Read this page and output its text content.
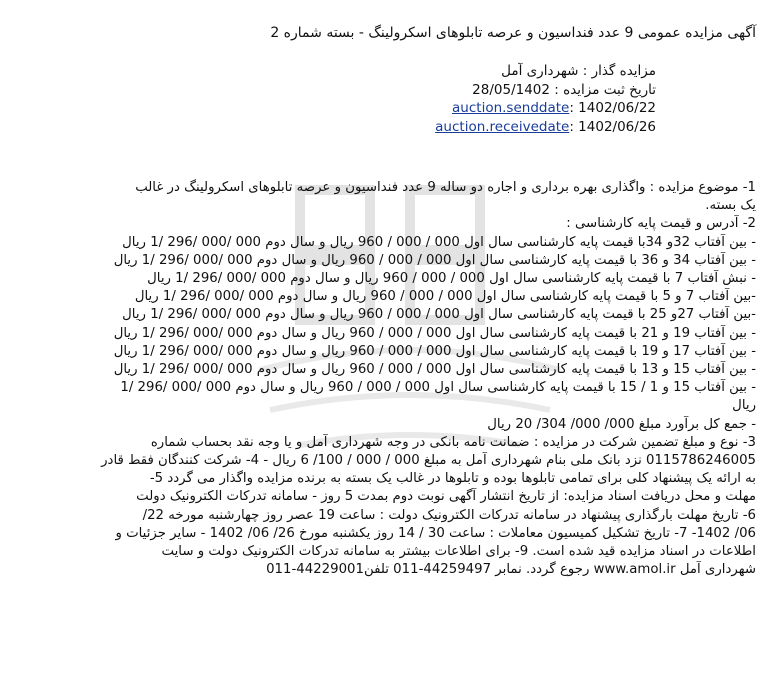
آگهی مزایده عمومی 9 عدد فنداسیون و عرصه تابلوهای اسکرولینگ - بسته شماره 2
مزایده گذار : شهرداری آمل
تاریخ ثبت مزایده : 28/05/1402
auction.senddate: 1402/06/22
auction.receivedate: 1402/06/26
1- موضوع مزایده : واگذاری بهره برداری و اجاره دو ساله 9 عدد فنداسیون و عرصه تابلوهای اسکرولینگ در غالب
یک بسته.
2- آدرس و قیمت پایه کارشناسی :
- بین آفتاب 32و 34با قیمت پایه کارشناسی سال اول 000 / 000 / 960 ریال و سال دوم 000 /000 /296 /1 ریال
- بین آفتاب 34 و 36 با قیمت پایه کارشناسی سال اول 000 / 000 / 960 ریال و سال دوم 000 /000 /296 /1 ریال
- نبش آفتاب 7 با قیمت پایه کارشناسی سال اول 000 / 000 / 960 ریال و سال دوم 000 /000 /296 /1 ریال
-بین آفتاب 7 و 5 با قیمت پایه کارشناسی سال اول 000 / 000 / 960 ریال و سال دوم 000 /000 /296 /1 ریال
-بین آفتاب 27و 25 با قیمت پایه کارشناسی سال اول 000 / 000 / 960 ریال و سال دوم 000 /000 /296 /1 ریال
- بین آفتاب 19 و 21 با قیمت پایه کارشناسی سال اول 000 / 000 / 960 ریال و سال دوم 000 /000 /296 /1 ریال
- بین آفتاب 17 و 19 با قیمت پایه کارشناسی سال اول 000 / 000 / 960 ریال و سال دوم 000 /000 /296 /1 ریال
- بین آفتاب 15 و 13 با قیمت پایه کارشناسی سال اول 000 / 000 / 960 ریال و سال دوم 000 /000 /296 /1 ریال
- بین آفتاب 15 و 1 / 15 با قیمت پایه کارشناسی سال اول 000 / 000 / 960 ریال و سال دوم 000 /000 /296 /1
ریال
- جمع کل برآورد مبلغ 000/ 000/ 304/ 20 ریال
3- نوع و مبلغ تضمین شرکت در مزایده : ضمانت نامه بانکی در وجه شهرداری آمل و یا وجه نقد بحساب شماره
0115786246005 نزد بانک ملی بنام شهرداری آمل به مبلغ 000 / 000 / 100/ 6 ریال - 4- شرکت کنندگان فقط قادر
به ارائه یک پیشنهاد کلی برای تمامی تابلوها بوده و تابلوها در غالب یک بسته به برنده مزایده واگذار می گردد 5-
مهلت و محل دریافت اسناد مزایده: از تاریخ انتشار آگهی نوبت دوم بمدت 5 روز - سامانه تدرکات الکترونیک دولت
6- تاریخ مهلت بارگذاری پیشنهاد در سامانه تدرکات الکترونیک دولت : ساعت 19 عصر روز چهارشنبه مورخه 22/
06/ 1402- 7- تاریخ تشکیل کمیسیون معاملات : ساعت 30 / 14 روز یکشنبه مورخ 26/ 06/ 1402 - سایر جزئیات و
اطلاعات در اسناد مزایده قید شده است. 9- برای اطلاعات بیشتر به سامانه تدرکات الکترونیک دولت و سایت
شهرداری آمل www.amol.ir رجوع گردد. نمابر 44259497-011 تلفن44229001-011
